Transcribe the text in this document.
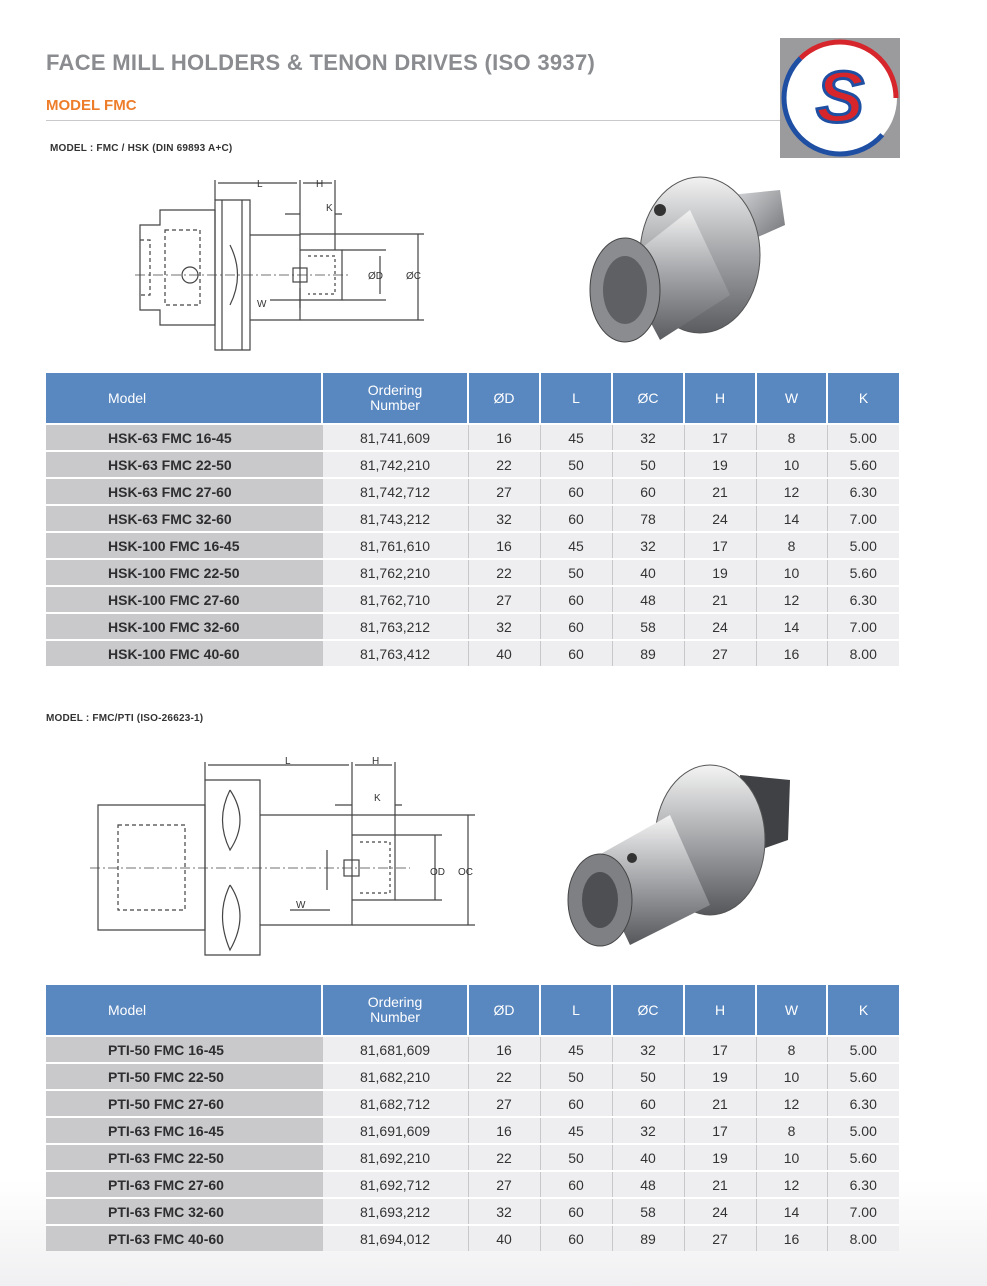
FACE MILL HOLDERS & TENON DRIVES (ISO 3937)
MODEL FMC	S
MODEL : FMC / HSK (DIN 69893 A+C)
L	H
K
ØD ØC
W
Model	Ordering Number	ØD	L	ØC	H	W	K
HSK-63 FMC 16-45	81,741,609	16	45	32	17	8	5.00
HSK-63 FMC 22-50	81,742,210	22	50	50	19	10	5.60
HSK-63 FMC 27-60	81,742,712	27	60	60	21	12	6.30
HSK-63 FMC 32-60	81,743,212	32	60	78	24	14	7.00
HSK-100 FMC 16-45	81,761,610	16	45	32	17	8	5.00
HSK-100 FMC 22-50	81,762,210	22	50	40	19	10	5.60
HSK-100 FMC 27-60	81,762,710	27	60	48	21	12	6.30
HSK-100 FMC 32-60	81,763,212	32	60	58	24	14	7.00
HSK-100 FMC 40-60	81,763,412	40	60	89	27	16	8.00
MODEL : FMC/PTI (ISO-26623-1)
L	H
K
OD OC
W
Model	Ordering Number	ØD	L	ØC	H	W	K
PTI-50 FMC 16-45	81,681,609	16	45	32	17	8	5.00
PTI-50 FMC 22-50	81,682,210	22	50	50	19	10	5.60
PTI-50 FMC 27-60	81,682,712	27	60	60	21	12	6.30
PTI-63 FMC 16-45	81,691,609	16	45	32	17	8	5.00
PTI-63 FMC 22-50	81,692,210	22	50	40	19	10	5.60
PTI-63 FMC 27-60	81,692,712	27	60	48	21	12	6.30
PTI-63 FMC 32-60	81,693,212	32	60	58	24	14	7.00
PTI-63 FMC 40-60	81,694,012	40	60	89	27	16	8.00
